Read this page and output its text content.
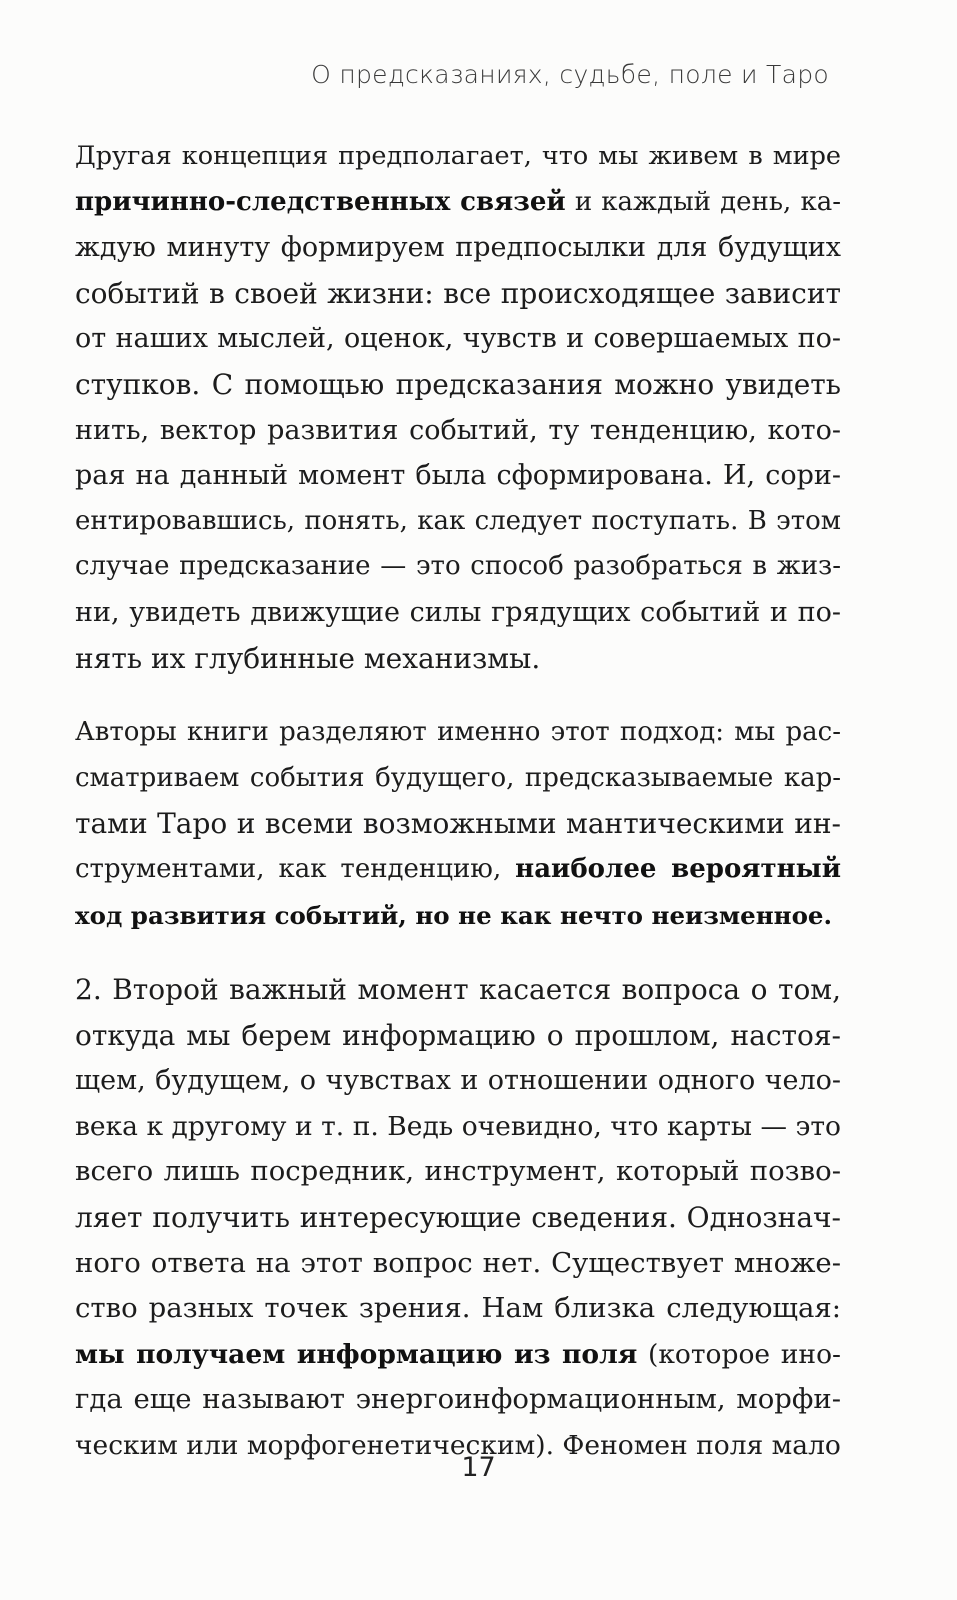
О предсказаниях, судьбе, поле и Таро
Другая концепция предполагает, что мы живем в мире
причинно-следственных связей и каждый день, ка-
ждую минуту формируем предпосылки для будущих
событий в своей жизни: все происходящее зависит
от наших мыслей, оценок, чувств и совершаемых по-
ступков. С помощью предсказания можно увидеть
нить, вектор развития событий, ту тенденцию, кото-
рая на данный момент была сформирована. И, сори-
ентировавшись, понять, как следует поступать. В этом
случае предсказание — это способ разобраться в жиз-
ни, увидеть движущие силы грядущих событий и по-
нять их глубинные механизмы.
Авторы книги разделяют именно этот подход: мы рас-
сматриваем события будущего, предсказываемые кар-
тами Таро и всеми возможными мантическими ин-
струментами, как тенденцию, наиболее вероятный
ход развития событий, но не как нечто неизменное.
2. Второй важный момент касается вопроса о том,
откуда мы берем информацию о прошлом, настоя-
щем, будущем, о чувствах и отношении одного чело-
века к другому и т. п. Ведь очевидно, что карты — это
всего лишь посредник, инструмент, который позво-
ляет получить интересующие сведения. Однознач-
ного ответа на этот вопрос нет. Существует множе-
ство разных точек зрения. Нам близка следующая:
мы получаем информацию из поля (которое ино-
гда еще называют энергоинформационным, морфи-
ческим или морфогенетическим). Феномен поля мало
17
